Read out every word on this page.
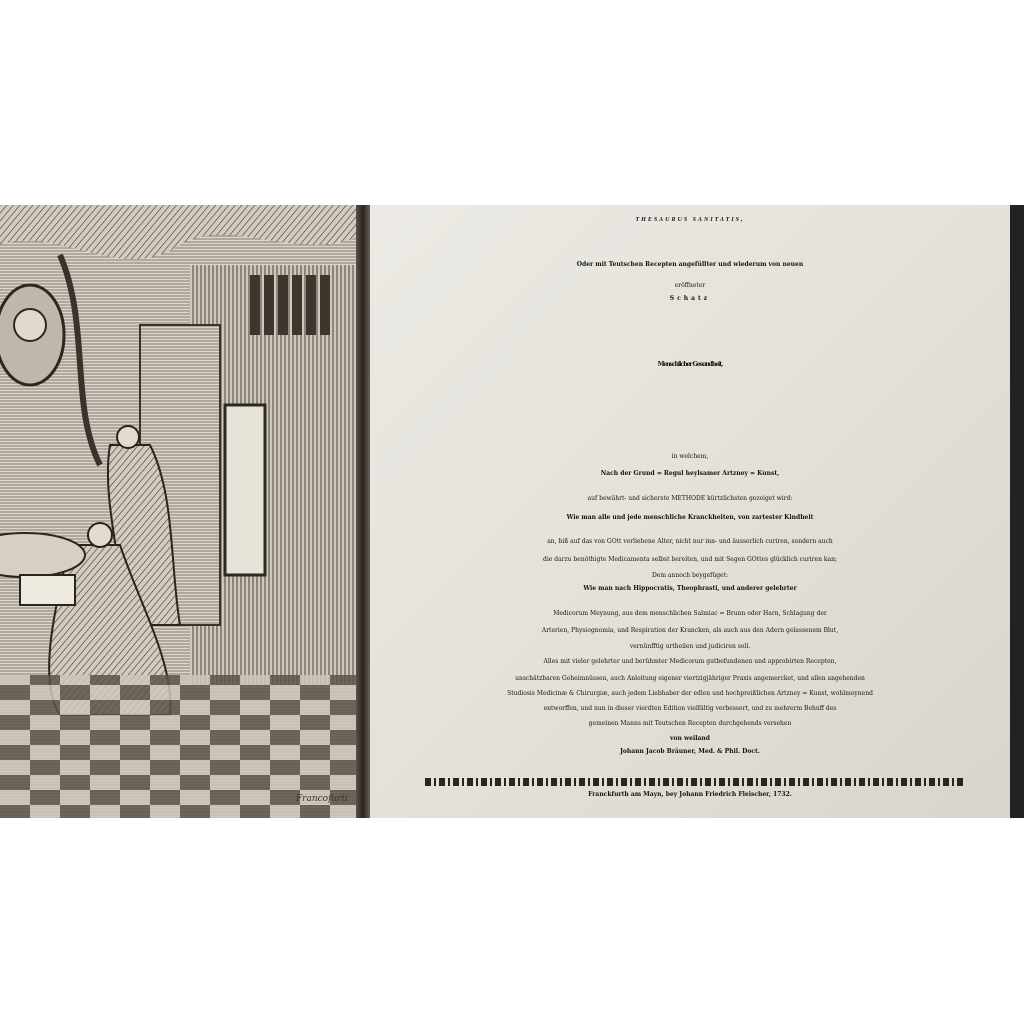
Francofurti
THESAURUS SANITATIS,
Oder mit Teutschen Recepten angefüllter und wiederum von neuen
eröffneter
Schatz
Menschlicher Gesundheit,
in welchem,
Nach der Grund = Regul heylsamer Artzney = Kunst,
auf bewährt- und sicherste METHODE kürtzlichsten gezeiget wird:
Wie man alle und jede menschliche Kranckheiten, von zartester Kindheit
an, biß auf das von GOtt verliehene Alter, nicht nur inn- und äusserlich curiren, sondern auch
die darzu benöthigte Medicamenta selbst bereiten, und mit Segen GOttes glücklich curiren kan;
Dem annoch beygefüget:
Wie man nach Hippocratis, Theophrasti, und anderer gelehrter
Medicorum Meynung, aus dem menschlichen Salmiac = Brunn oder Harn, Schlagung der
Arterien, Physiognomia, und Respiration der Krancken, als auch aus den Adern gelassenem Blut,
vernünfftig urtheilen und judiciren soll.
Alles mit vieler gelehrter und berühmter Medicorum gutbefundenen und approbirten Recepten,
unschätzbaren Geheimnüssen, auch Anleitung eigener viertzigjähriger Praxis angemercket, und allen angehenden
Studiosis Medicinæ & Chirurgiæ, auch jedem Liebhaber der edlen und hochpreißlichen Artzney = Kunst, wohlmeynend
entworffen, und nun in dieser vierdten Edition vielfältig verbessert, und zu mehrerm Behuff des
gemeinen Manns mit Teutschen Recepten durchgehends versehen
von weiland
Johann Jacob Bräuner, Med. & Phil. Doct.
Franckfurth am Mayn, bey Johann Friedrich Fleischer, 1732.
